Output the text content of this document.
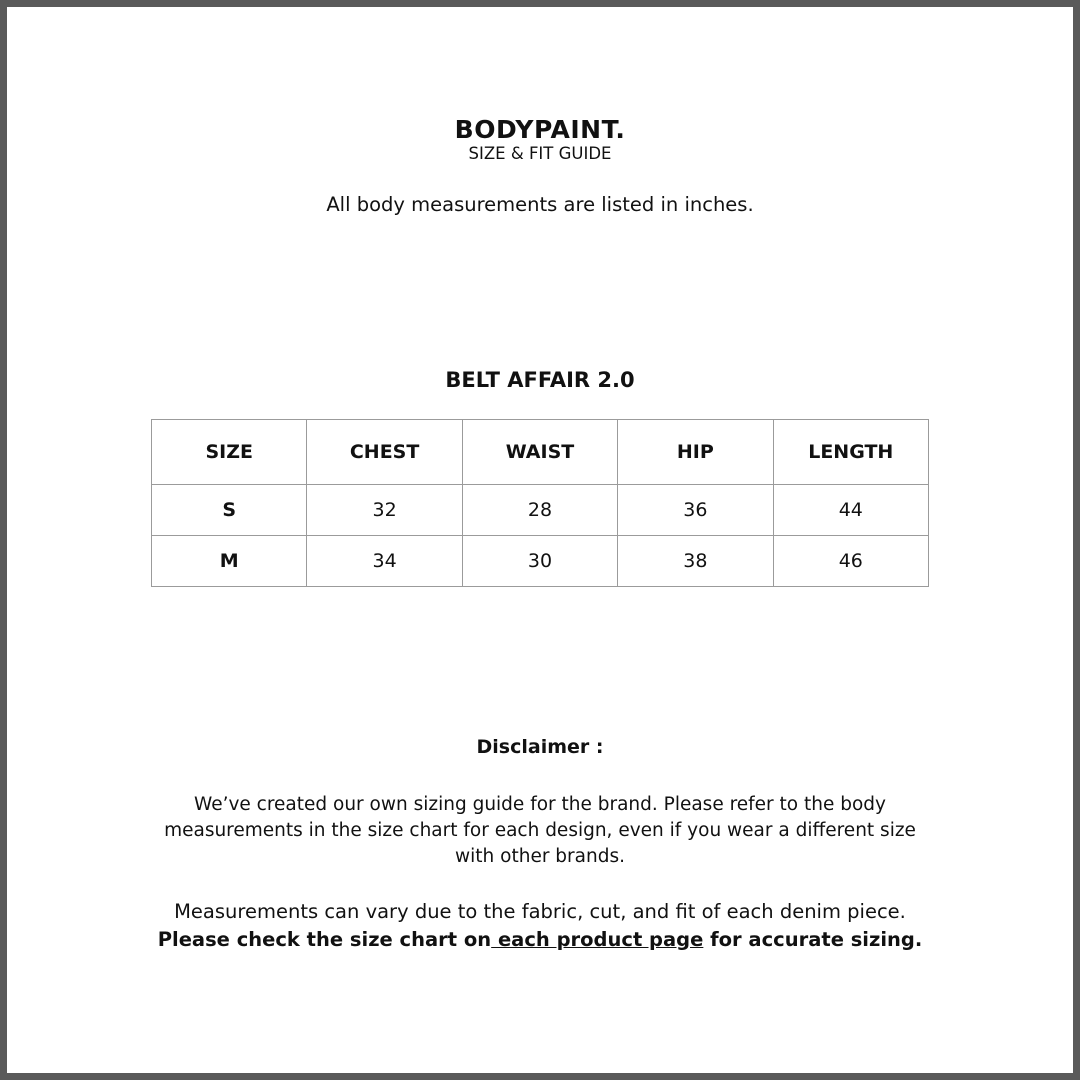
BODYPAINT.
SIZE & FIT GUIDE
All body measurements are listed in inches.
BELT AFFAIR 2.0
SIZE	CHEST	WAIST	HIP	LENGTH
S	32	28	36	44
M	34	30	38	46
Disclaimer :
We’ve created our own sizing guide for the brand. Please refer to the body measurements in the size chart for each design, even if you wear a different size with other brands.
Measurements can vary due to the fabric, cut, and fit of each denim piece.
Please check the size chart on each product page for accurate sizing.
